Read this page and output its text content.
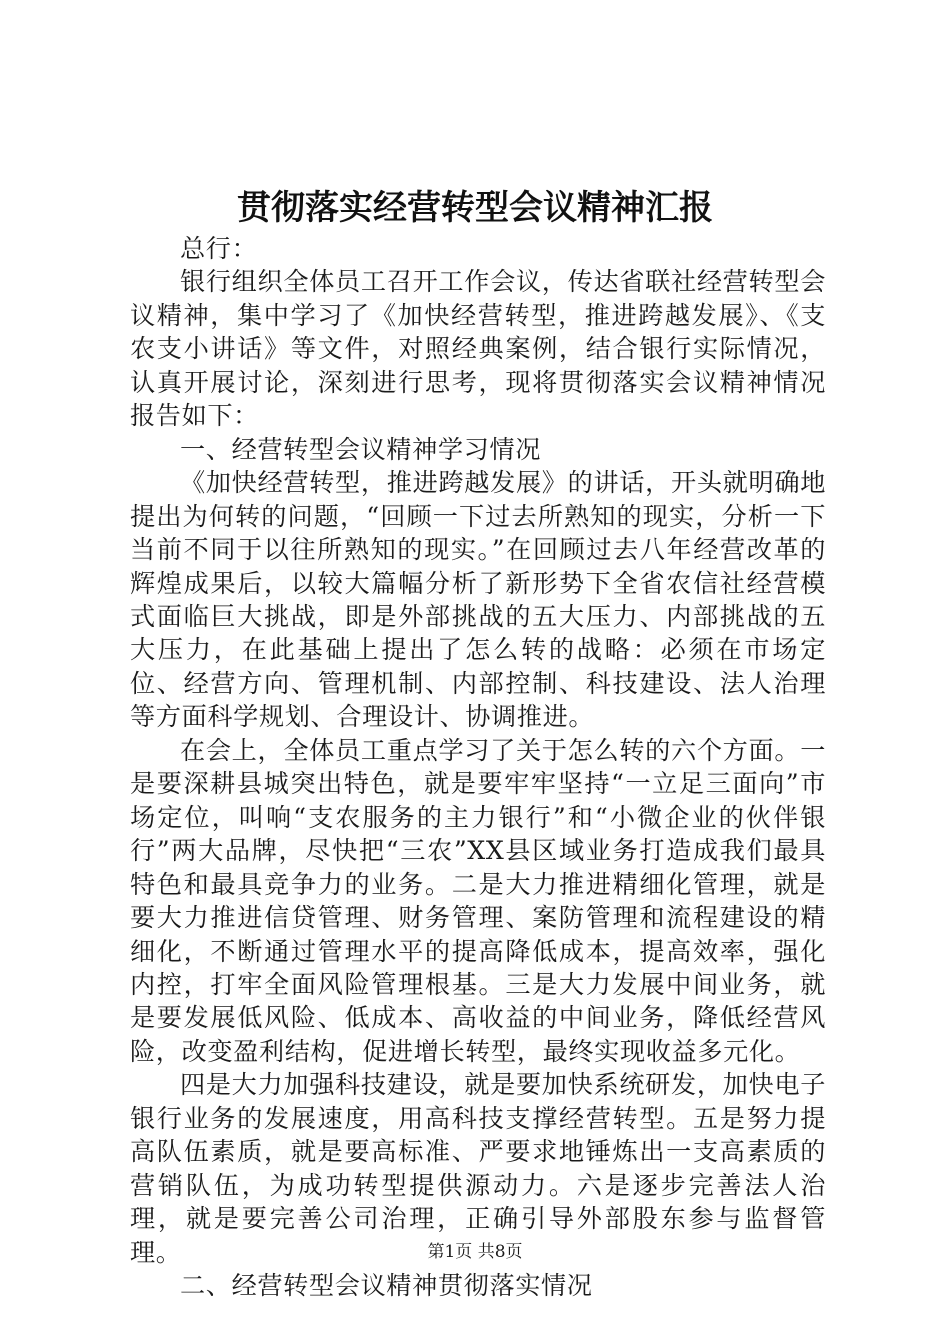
贯彻落实经营转型会议精神汇报

总行：

银行组织全体员工召开工作会议，传达省联社经营转型会议精神，集中学习了《加快经营转型，推进跨越发展》、《支农支小讲话》等文件，对照经典案例，结合银行实际情况，认真开展讨论，深刻进行思考，现将贯彻落实会议精神情况报告如下：

一、经营转型会议精神学习情况

《加快经营转型，推进跨越发展》的讲话，开头就明确地提出为何转的问题，“回顾一下过去所熟知的现实，分析一下当前不同于以往所熟知的现实。”在回顾过去八年经营改革的辉煌成果后，以较大篇幅分析了新形势下全省农信社经营模式面临巨大挑战，即是外部挑战的五大压力、内部挑战的五大压力，在此基础上提出了怎么转的战略：必须在市场定位、经营方向、管理机制、内部控制、科技建设、法人治理等方面科学规划、合理设计、协调推进。

在会上，全体员工重点学习了关于怎么转的六个方面。一是要深耕县城突出特色，就是要牢牢坚持“一立足三面向”市场定位，叫响“支农服务的主力银行”和“小微企业的伙伴银行”两大品牌，尽快把“三农”XX县区域业务打造成我们最具特色和最具竞争力的业务。二是大力推进精细化管理，就是要大力推进信贷管理、财务管理、案防管理和流程建设的精细化，不断通过管理水平的提高降低成本，提高效率，强化内控，打牢全面风险管理根基。三是大力发展中间业务，就是要发展低风险、低成本、高收益的中间业务，降低经营风险，改变盈利结构，促进增长转型，最终实现收益多元化。

四是大力加强科技建设，就是要加快系统研发，加快电子银行业务的发展速度，用高科技支撑经营转型。五是努力提高队伍素质，就是要高标准、严要求地锤炼出一支高素质的营销队伍，为成功转型提供源动力。六是逐步完善法人治理，就是要完善公司治理，正确引导外部股东参与监督管理。

二、经营转型会议精神贯彻落实情况

第1页 共8页
